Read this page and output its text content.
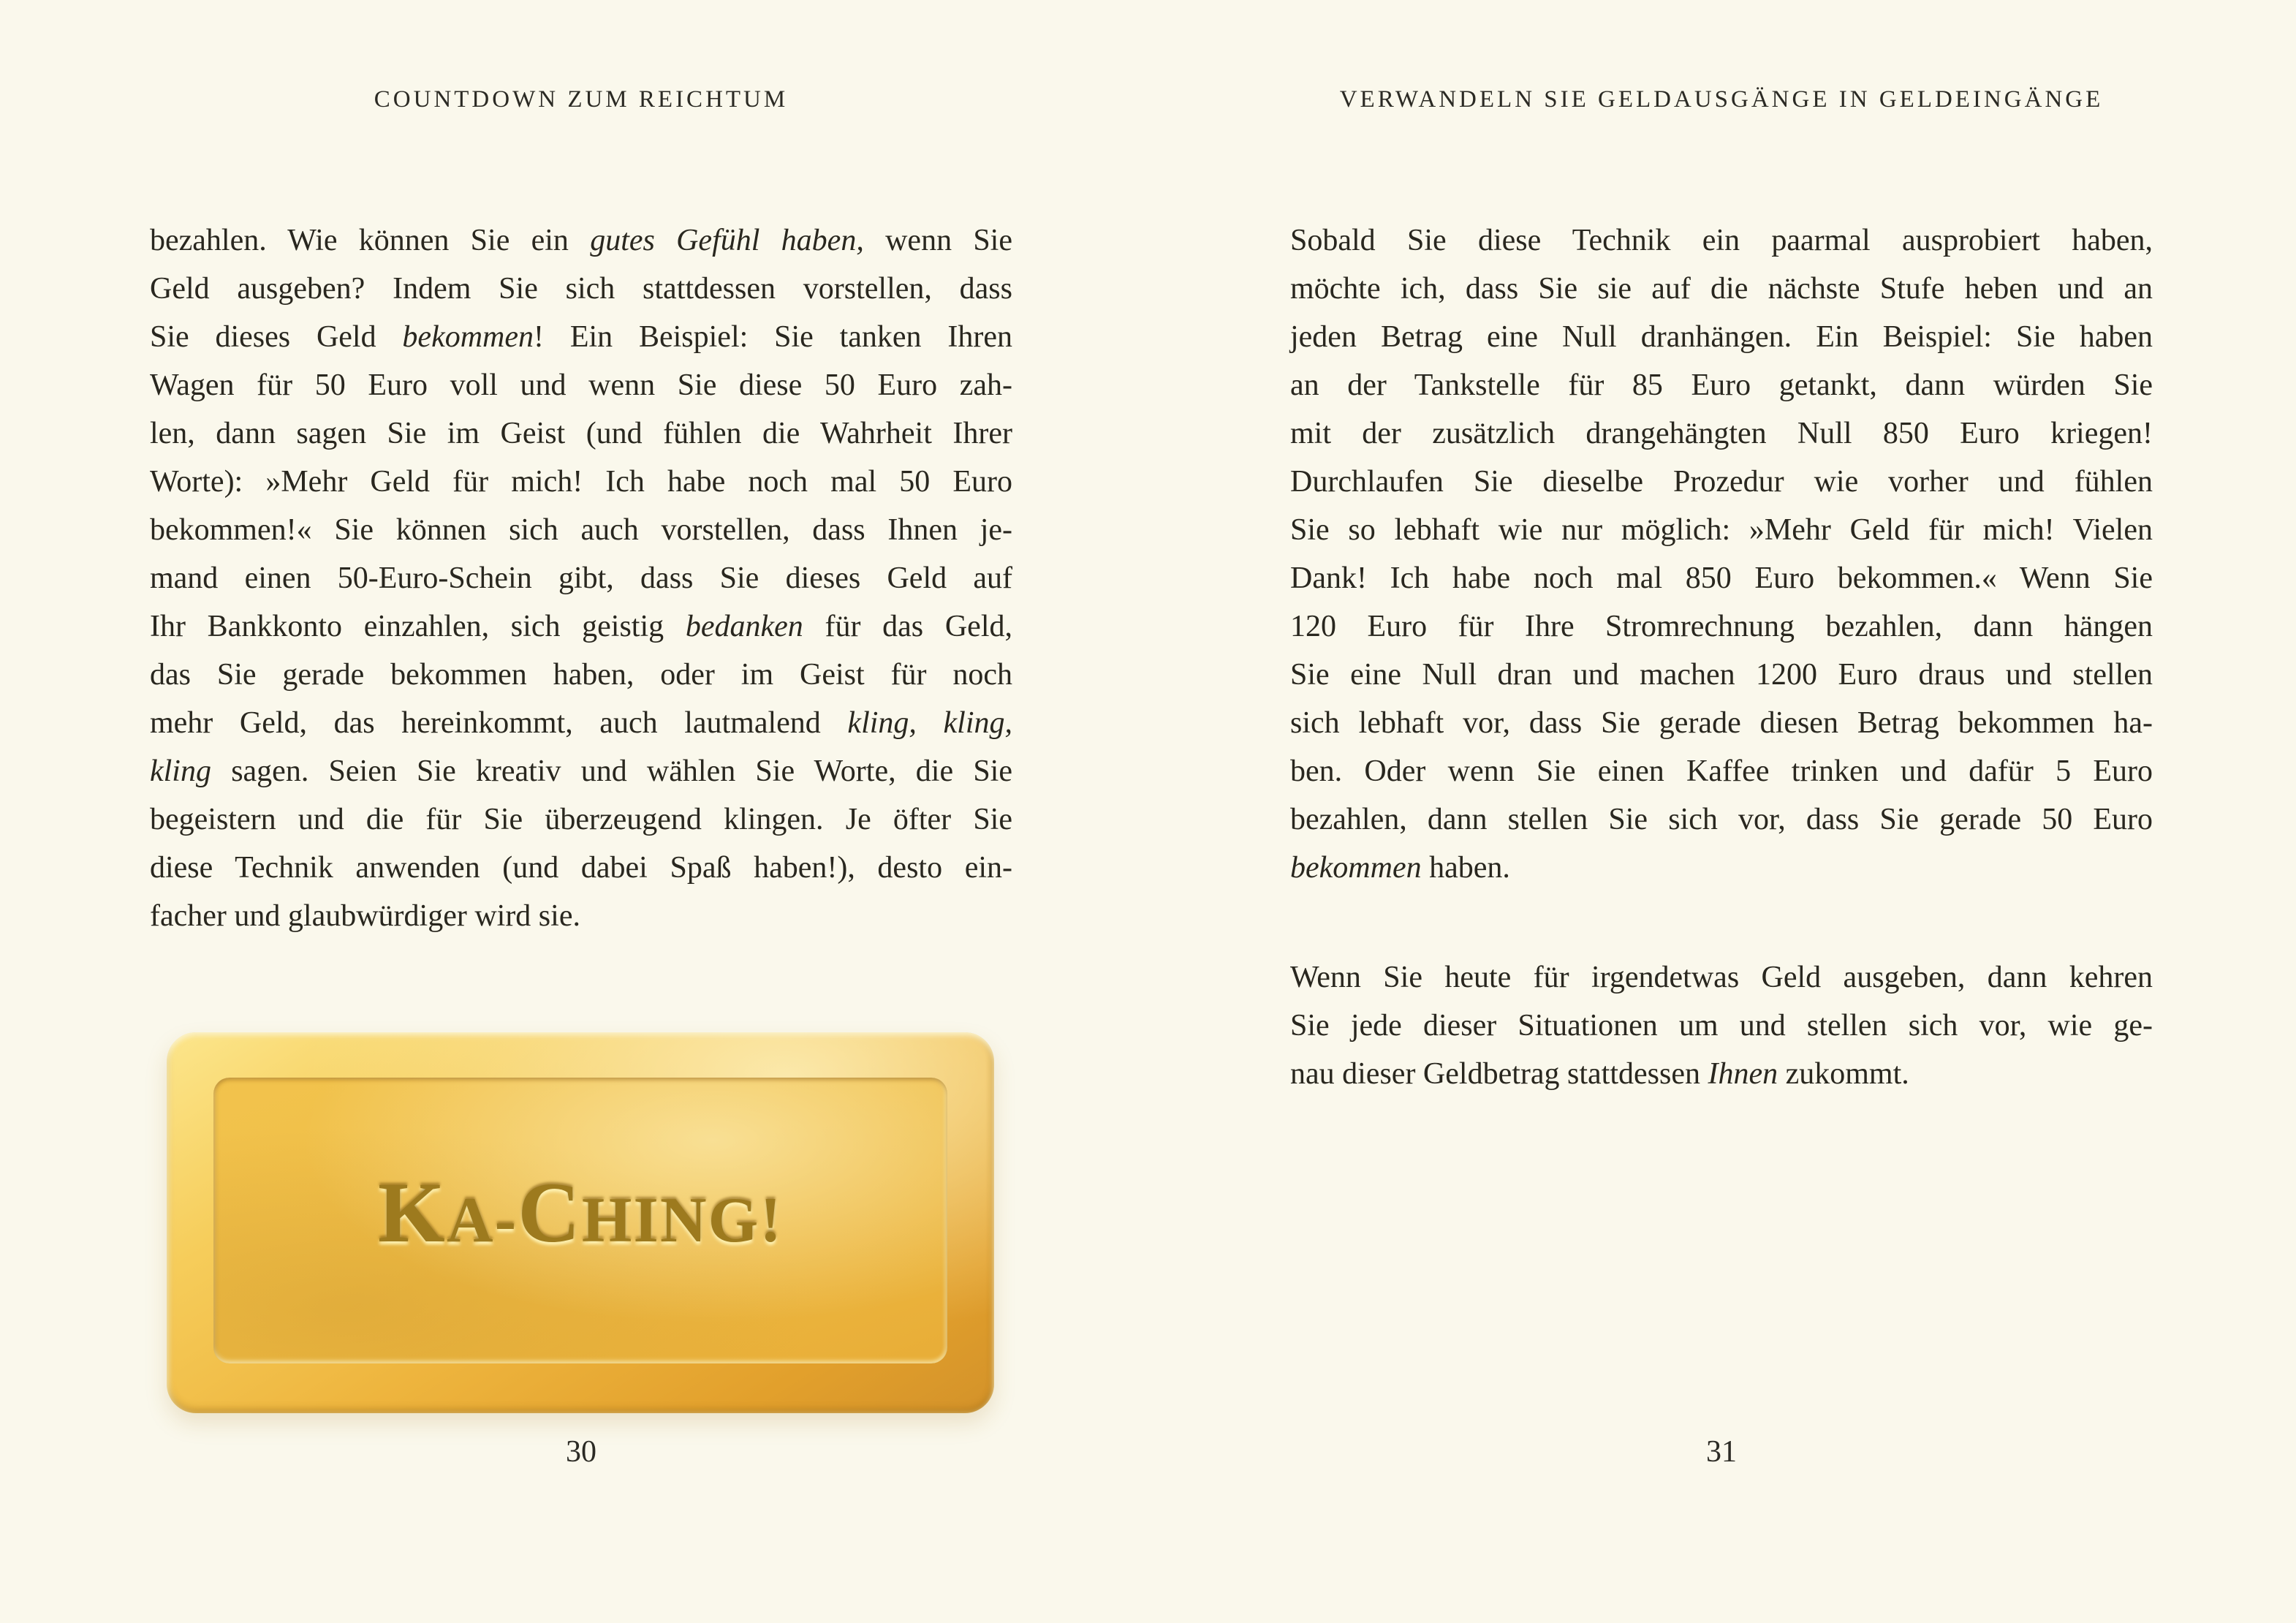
COUNTDOWN ZUM REICHTUM
bezahlen. Wie können Sie ein gutes Gefühl haben, wenn Sie
Geld ausgeben? Indem Sie sich stattdessen vorstellen, dass
Sie dieses Geld bekommen! Ein Beispiel: Sie tanken Ihren
Wagen für 50 Euro voll und wenn Sie diese 50 Euro zah-
len, dann sagen Sie im Geist (und fühlen die Wahrheit Ihrer
Worte): »Mehr Geld für mich! Ich habe noch mal 50 Euro
bekommen!« Sie können sich auch vorstellen, dass Ihnen je-
mand einen 50-Euro-Schein gibt, dass Sie dieses Geld auf
Ihr Bankkonto einzahlen, sich geistig bedanken für das Geld,
das Sie gerade bekommen haben, oder im Geist für noch
mehr Geld, das hereinkommt, auch lautmalend kling, kling,
kling sagen. Seien Sie kreativ und wählen Sie Worte, die Sie
begeistern und die für Sie überzeugend klingen. Je öfter Sie
diese Technik anwenden (und dabei Spaß haben!), desto ein-
facher und glaubwürdiger wird sie.
KA-CHING!
30
VERWANDELN SIE GELDAUSGÄNGE IN GELDEINGÄNGE
Sobald Sie diese Technik ein paarmal ausprobiert haben,
möchte ich, dass Sie sie auf die nächste Stufe heben und an
jeden Betrag eine Null dranhängen. Ein Beispiel: Sie haben
an der Tankstelle für 85 Euro getankt, dann würden Sie
mit der zusätzlich drangehängten Null 850 Euro kriegen!
Durchlaufen Sie dieselbe Prozedur wie vorher und fühlen
Sie so lebhaft wie nur möglich: »Mehr Geld für mich! Vielen
Dank! Ich habe noch mal 850 Euro bekommen.« Wenn Sie
120 Euro für Ihre Stromrechnung bezahlen, dann hängen
Sie eine Null dran und machen 1200 Euro draus und stellen
sich lebhaft vor, dass Sie gerade diesen Betrag bekommen ha-
ben. Oder wenn Sie einen Kaffee trinken und dafür 5 Euro
bezahlen, dann stellen Sie sich vor, dass Sie gerade 50 Euro
bekommen haben.
Wenn Sie heute für irgendetwas Geld ausgeben, dann kehren
Sie jede dieser Situationen um und stellen sich vor, wie ge-
nau dieser Geldbetrag stattdessen Ihnen zukommt.
31
